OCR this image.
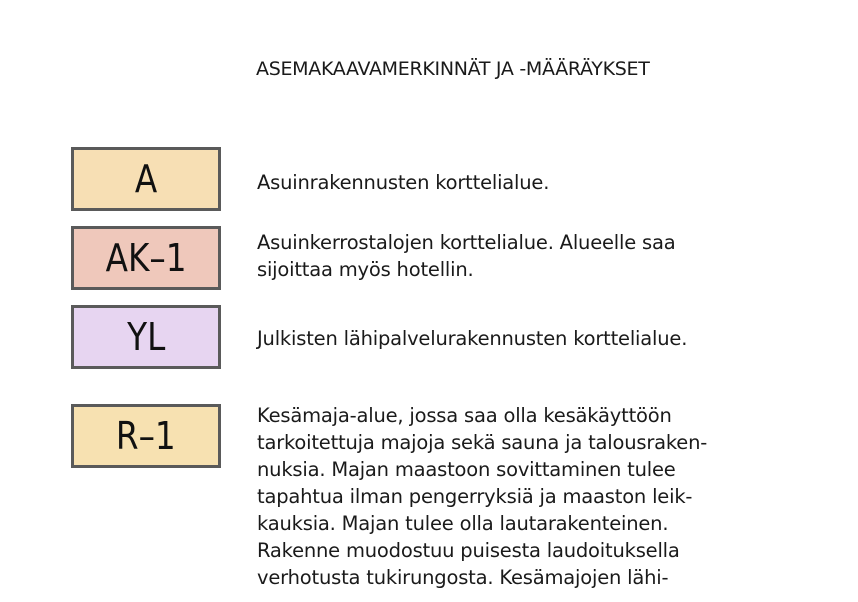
ASEMAKAAVAMERKINNÄT JA -MÄÄRÄYKSET
A	Asuinrakennusten korttelialue.
AK–1	Asuinkerrostalojen korttelialue. Alueelle saa
sijoittaa myös hotellin.
YL	Julkisten lähipalvelurakennusten korttelialue.
R–1	Kesämaja-alue, jossa saa olla kesäkäyttöön
tarkoitettuja majoja sekä sauna ja talousraken-
nuksia. Majan maastoon sovittaminen tulee
tapahtua ilman pengerryksiä ja maaston leik-
kauksia. Majan tulee olla lautarakenteinen.
Rakenne muodostuu puisesta laudoituksella
verhotusta tukirungosta. Kesämajojen lähi-
